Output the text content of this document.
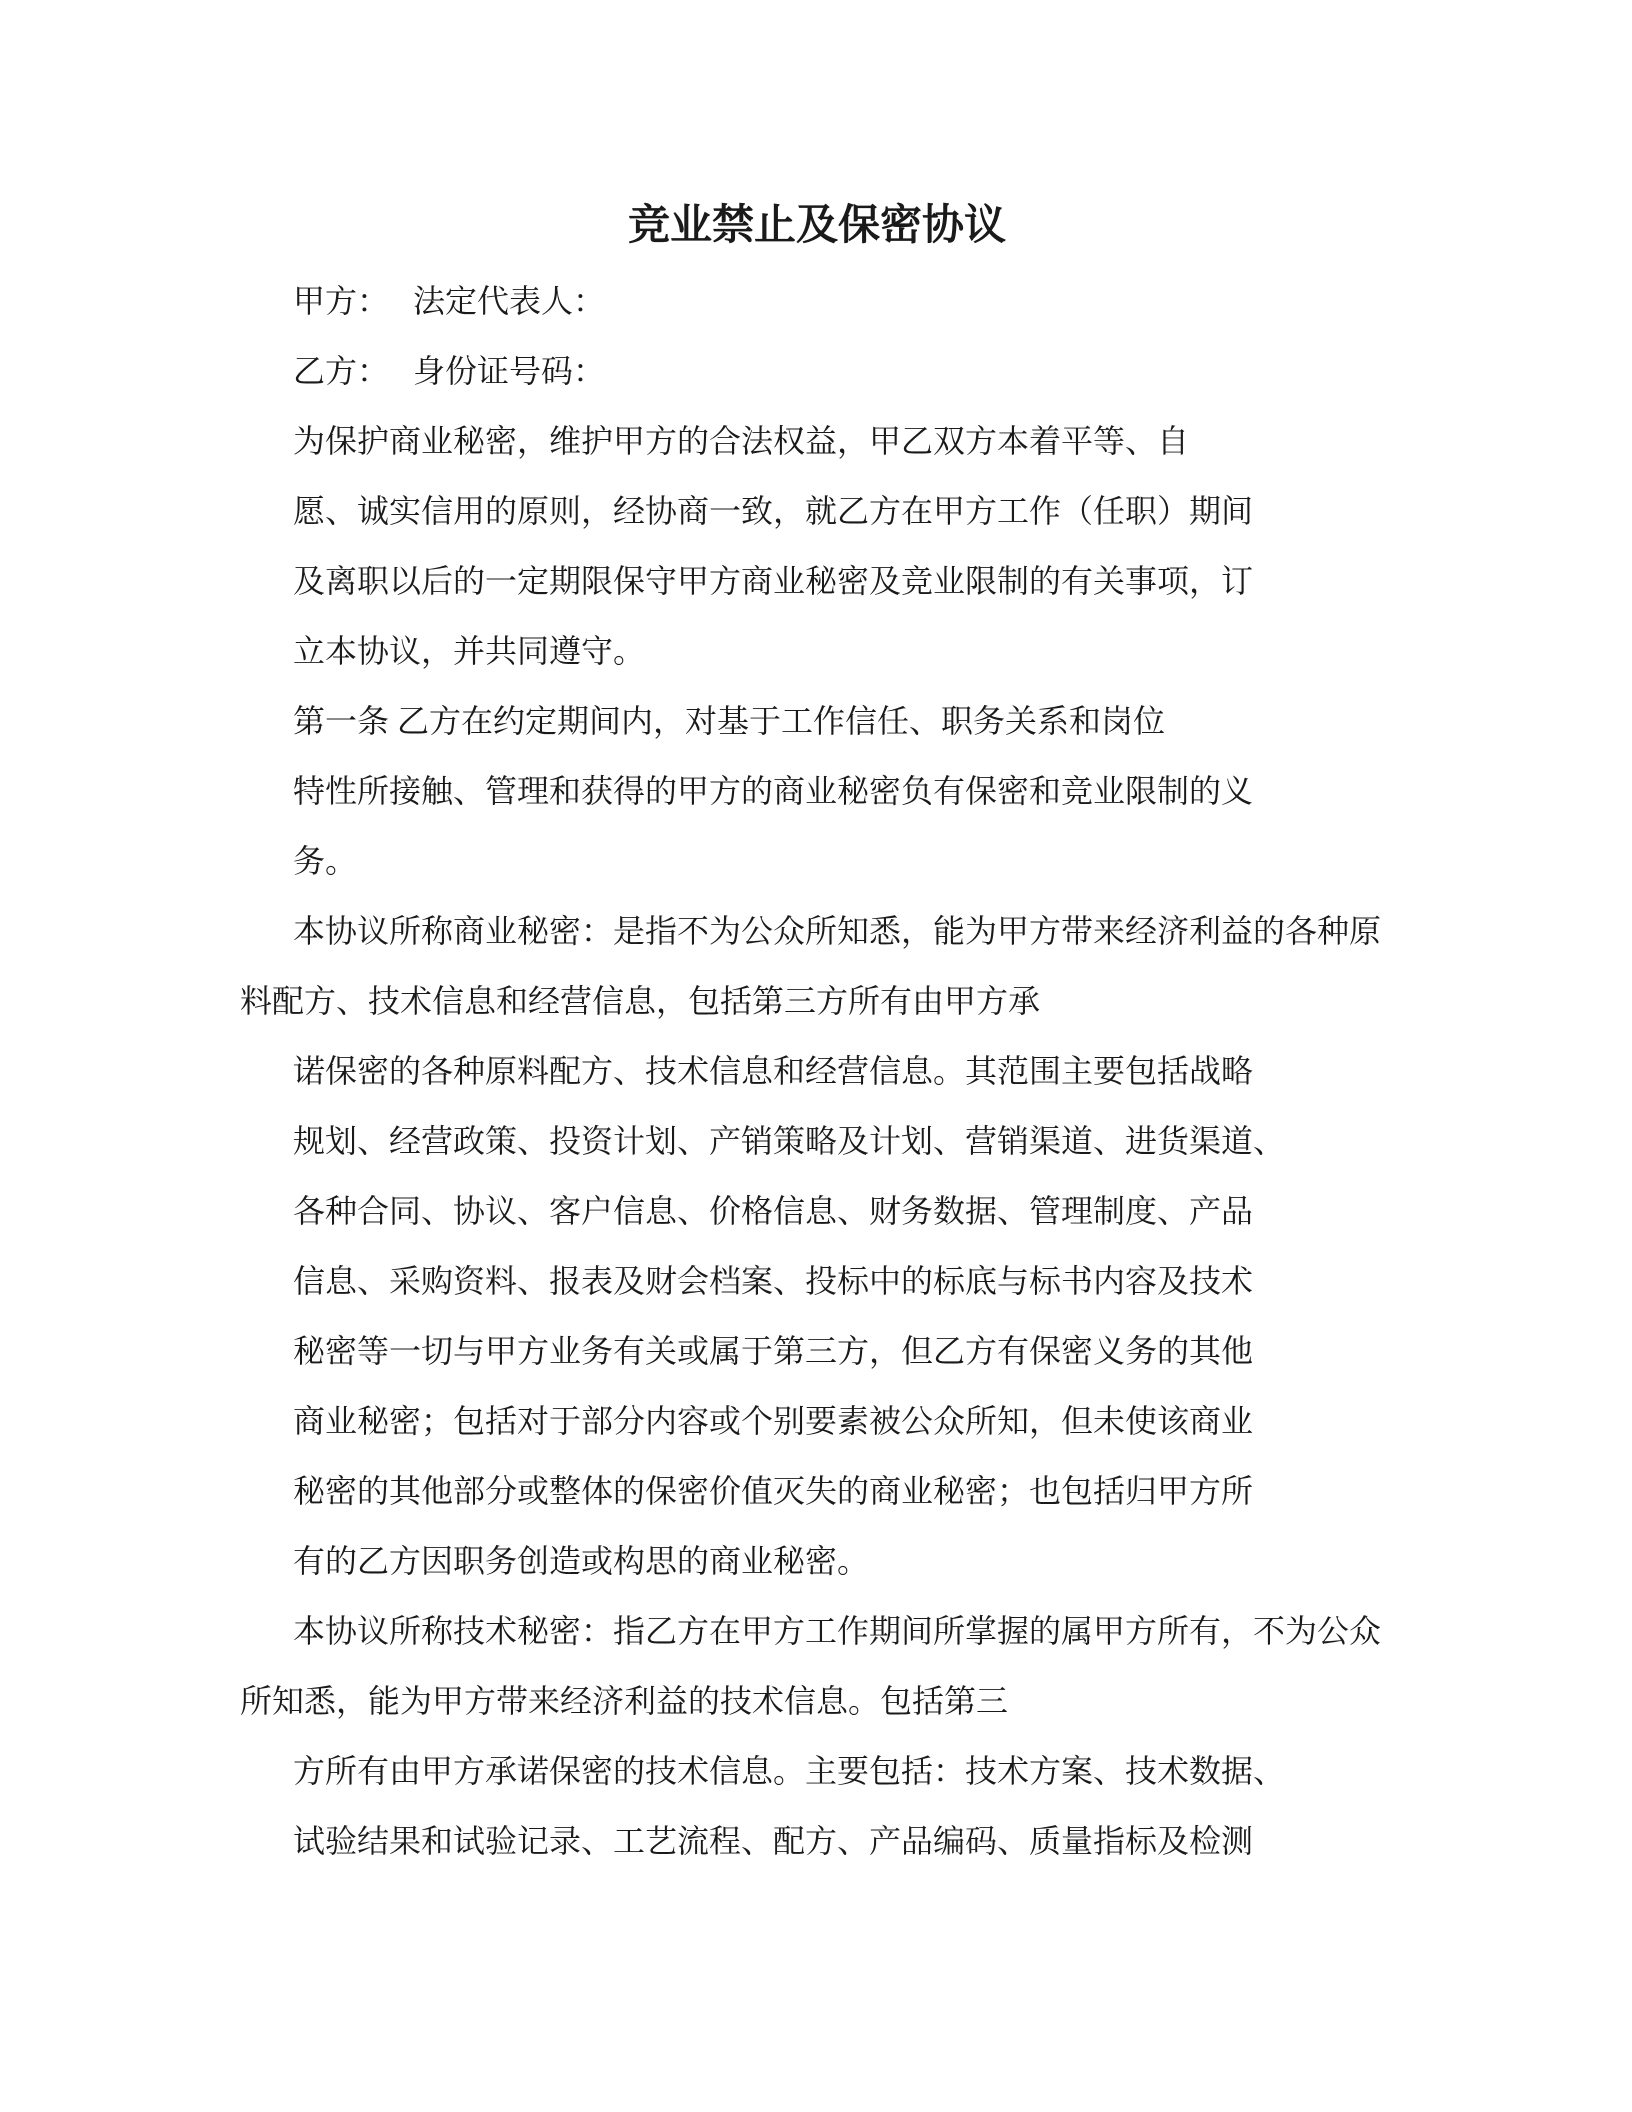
竞业禁止及保密协议
甲方：　 法定代表人：
乙方：　 身份证号码：
为保护商业秘密，维护甲方的合法权益，甲乙双方本着平等、自
愿、诚实信用的原则，经协商一致，就乙方在甲方工作（任职）期间
及离职以后的一定期限保守甲方商业秘密及竞业限制的有关事项，订
立本协议，并共同遵守。
第一条 乙方在约定期间内，对基于工作信任、职务关系和岗位
特性所接触、管理和获得的甲方的商业秘密负有保密和竞业限制的义
务。
本协议所称商业秘密：是指不为公众所知悉，能为甲方带来经济利益的各种原
料配方、技术信息和经营信息，包括第三方所有由甲方承
诺保密的各种原料配方、技术信息和经营信息。其范围主要包括战略
规划、经营政策、投资计划、产销策略及计划、营销渠道、进货渠道、
各种合同、协议、客户信息、价格信息、财务数据、管理制度、产品
信息、采购资料、报表及财会档案、投标中的标底与标书内容及技术
秘密等一切与甲方业务有关或属于第三方，但乙方有保密义务的其他
商业秘密；包括对于部分内容或个别要素被公众所知，但未使该商业
秘密的其他部分或整体的保密价值灭失的商业秘密；也包括归甲方所
有的乙方因职务创造或构思的商业秘密。
本协议所称技术秘密：指乙方在甲方工作期间所掌握的属甲方所有，不为公众
所知悉，能为甲方带来经济利益的技术信息。包括第三
方所有由甲方承诺保密的技术信息。主要包括：技术方案、技术数据、
试验结果和试验记录、工艺流程、配方、产品编码、质量指标及检测
